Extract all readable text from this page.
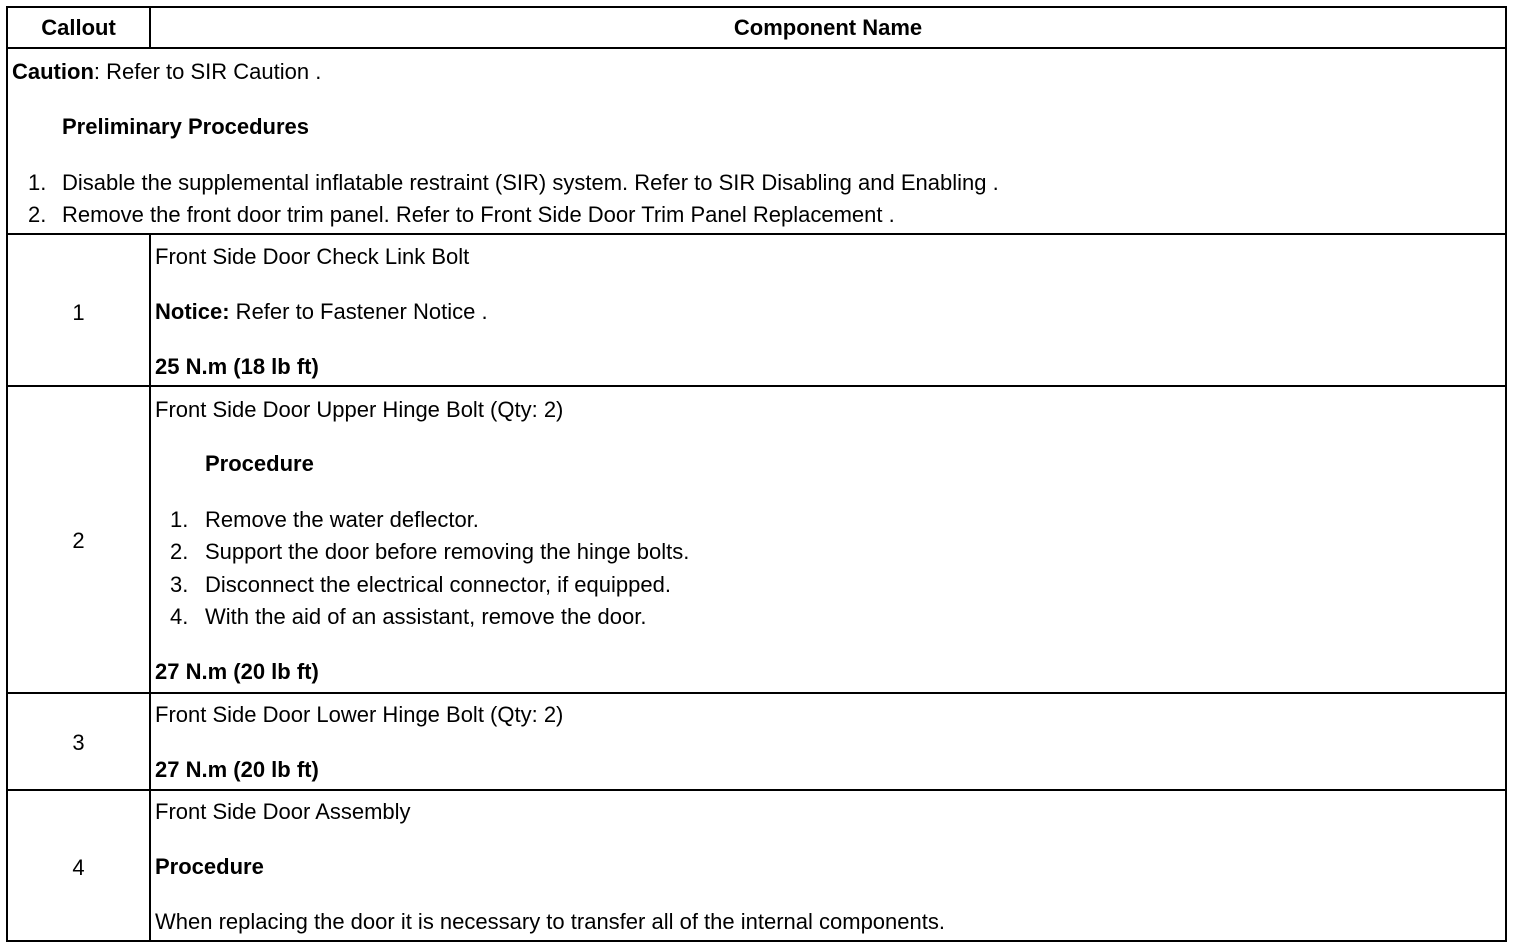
Callout	Component Name
Caution: Refer to SIR Caution .
Preliminary Procedures
1. Disable the supplemental inflatable restraint (SIR) system. Refer to SIR Disabling and Enabling .
2. Remove the front door trim panel. Refer to Front Side Door Trim Panel Replacement .
1
Front Side Door Check Link Bolt
Notice: Refer to Fastener Notice .
25 N.m (18 lb ft)
2
Front Side Door Upper Hinge Bolt (Qty: 2)
Procedure
1. Remove the water deflector.
2. Support the door before removing the hinge bolts.
3. Disconnect the electrical connector, if equipped.
4. With the aid of an assistant, remove the door.
27 N.m (20 lb ft)
3
Front Side Door Lower Hinge Bolt (Qty: 2)
27 N.m (20 lb ft)
4
Front Side Door Assembly
Procedure
When replacing the door it is necessary to transfer all of the internal components.
